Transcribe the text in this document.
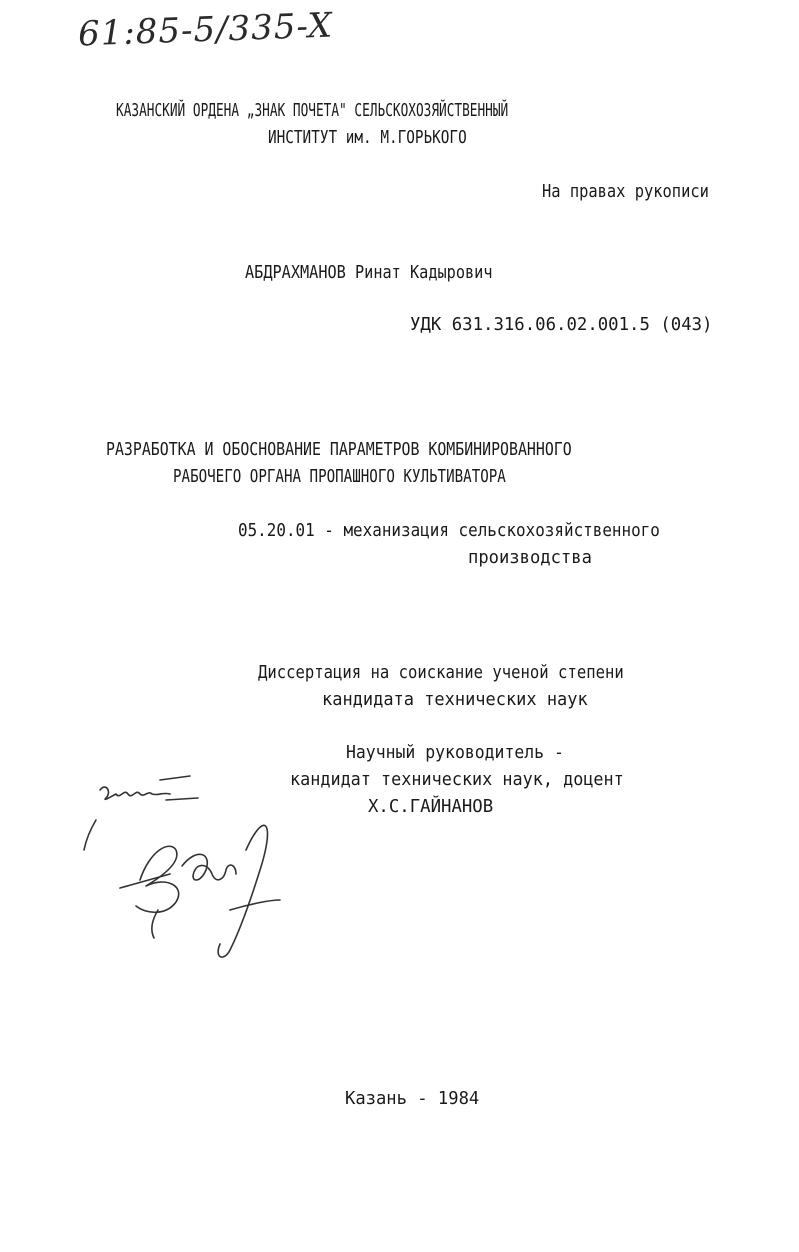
61:85-5/335-X
КАЗАНСКИЙ ОРДЕНА „ЗНАК ПОЧЕТА" СЕЛЬСКОХОЗЯЙСТВЕННЫЙ
ИНСТИТУТ им. М.ГОРЬКОГО
На правах рукописи
АБДРАХМАНОВ Ринат Кадырович
УДК 631.316.06.02.001.5 (043)
РАЗРАБОТКА И ОБОСНОВАНИЕ ПАРАМЕТРОВ КОМБИНИРОВАННОГО
РАБОЧЕГО ОРГАНА ПРОПАШНОГО КУЛЬТИВАТОРА
05.20.01 - механизация сельскохозяйственного
производства
Диссертация на соискание ученой степени
кандидата технических наук
Научный руководитель -
кандидат технических наук, доцент
Х.С.ГАЙНАНОВ
Казань - 1984
